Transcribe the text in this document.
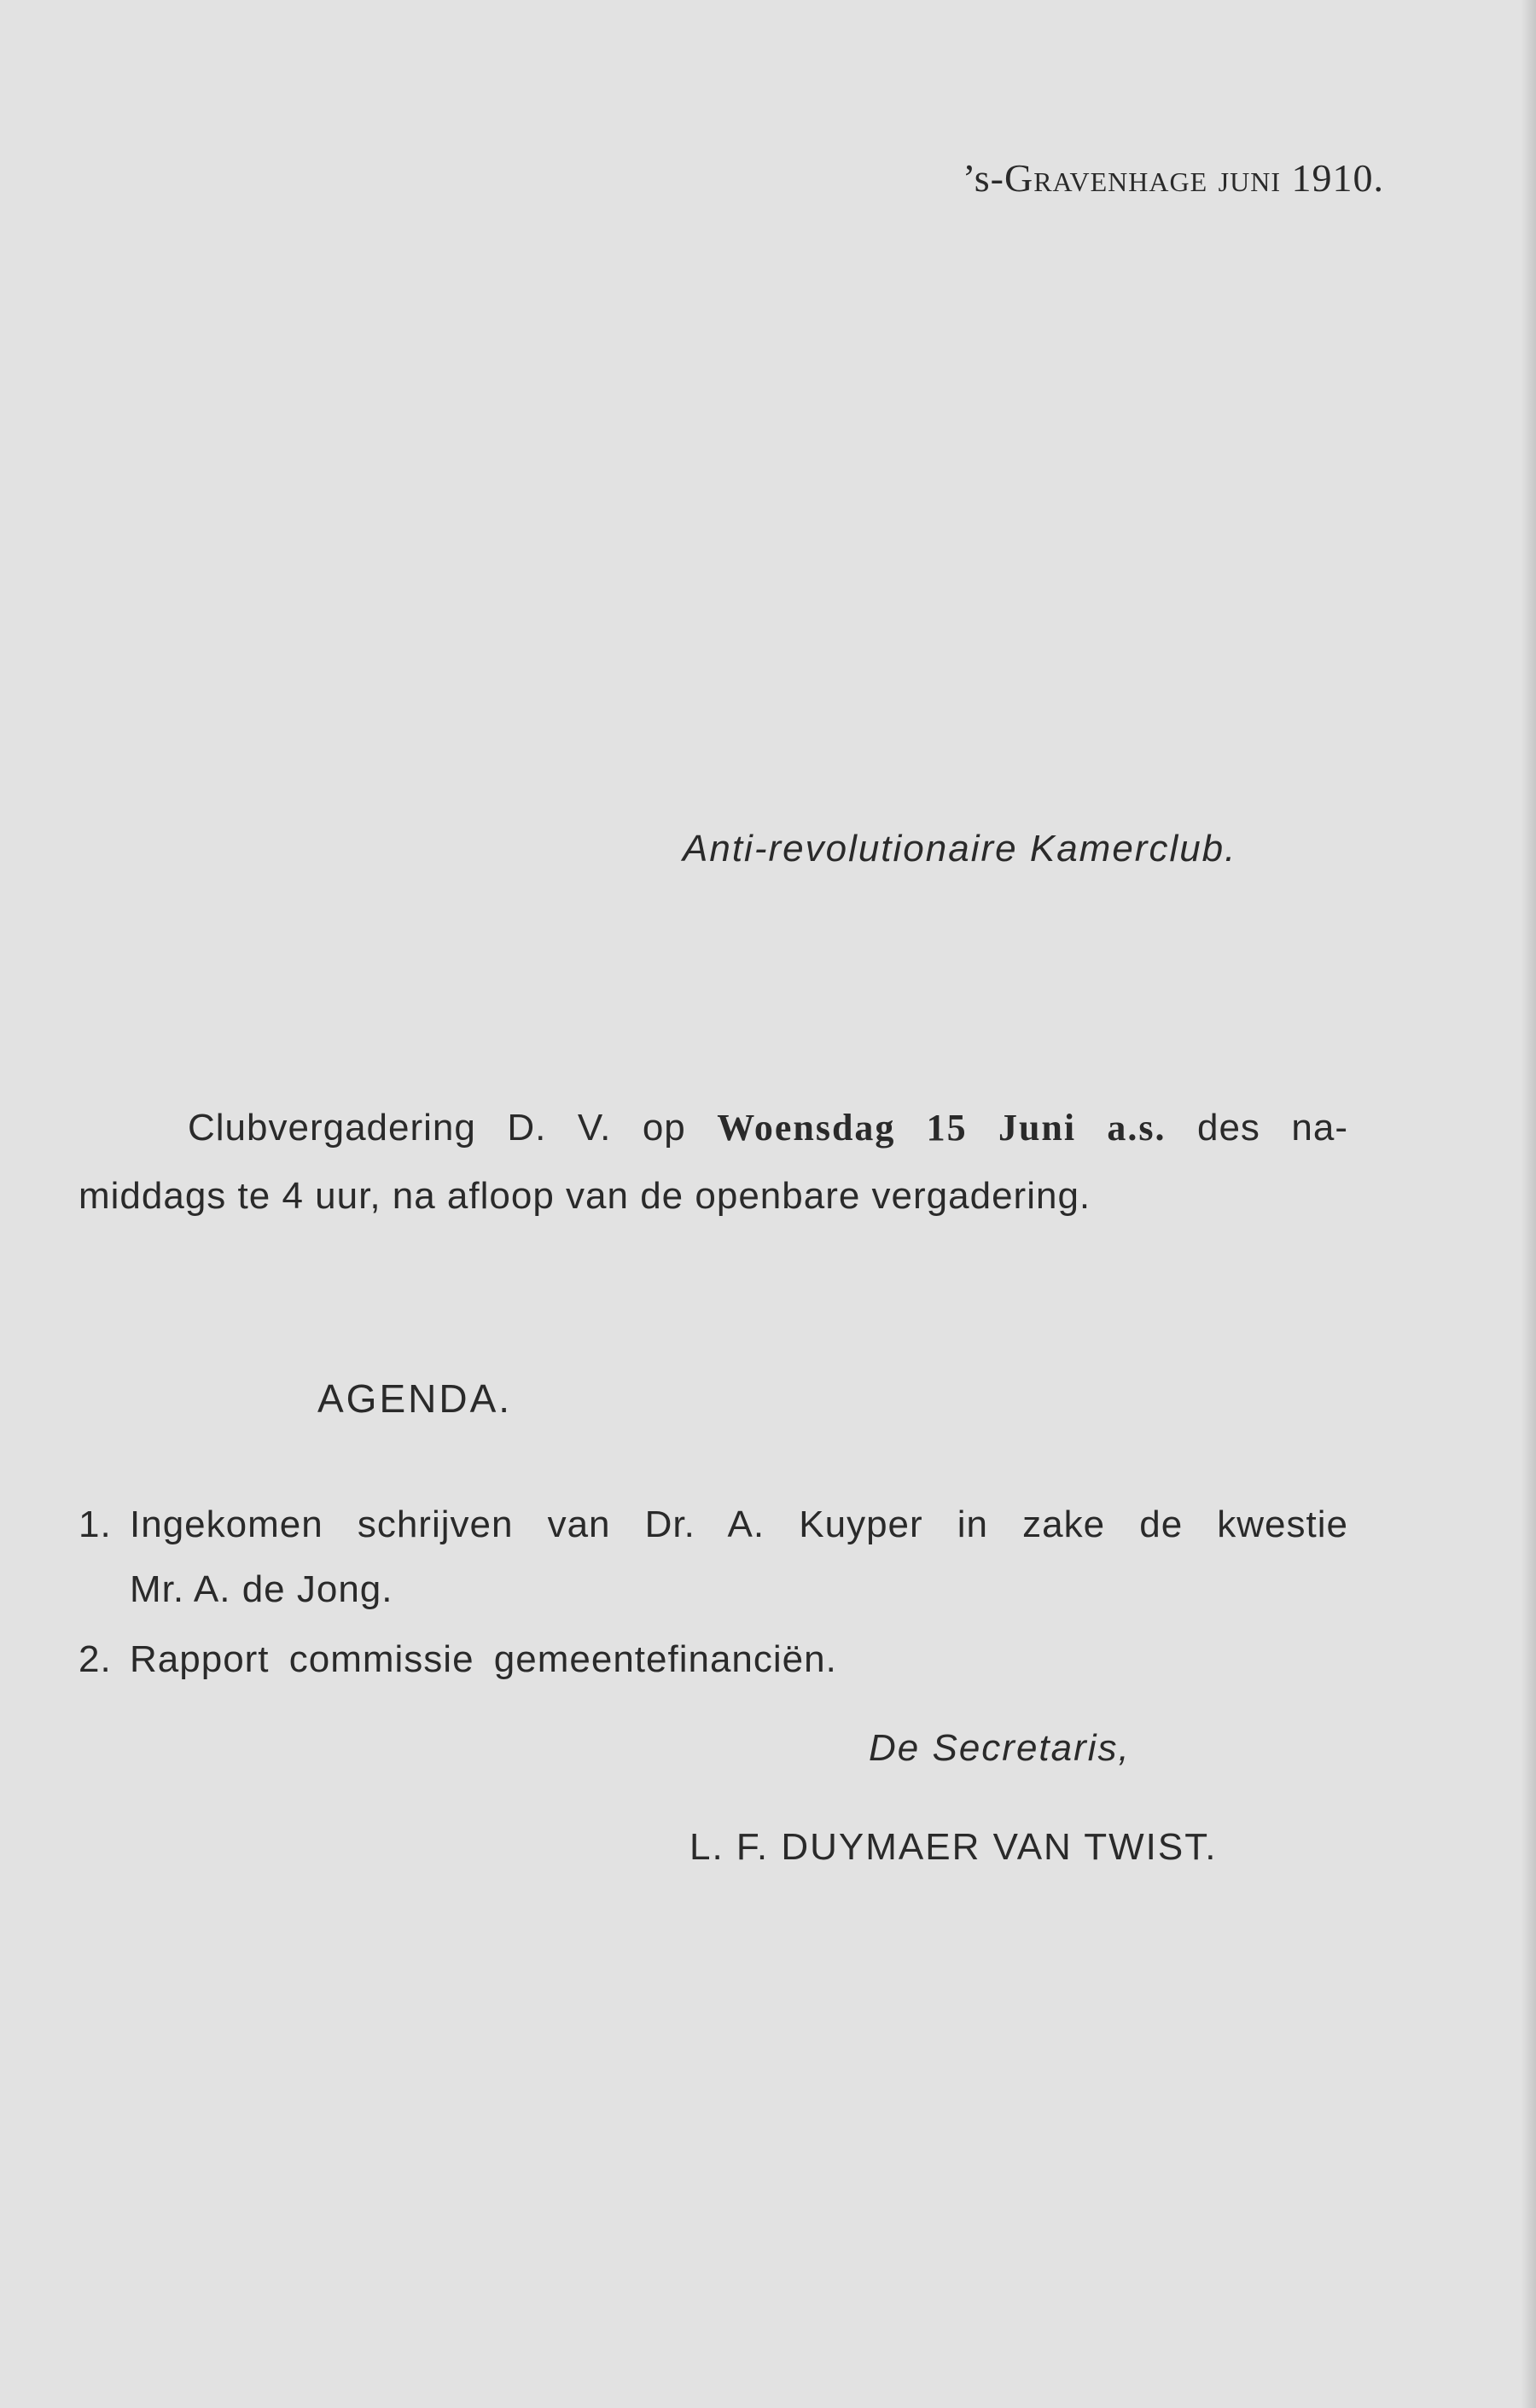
’s-Gravenhage juni 1910.
Anti-revolutionaire Kamerclub.
Clubvergadering D. V. op Woensdag 15 Juni a.s. des na-
middags te 4 uur, na afloop van de openbare vergadering.
AGENDA.
1. Ingekomen schrijven van Dr. A. Kuyper in zake de kwestie
Mr. A. de Jong.
2. Rapport commissie gemeentefinanciën.
De Secretaris,
L. F. DUYMAER VAN TWIST.
